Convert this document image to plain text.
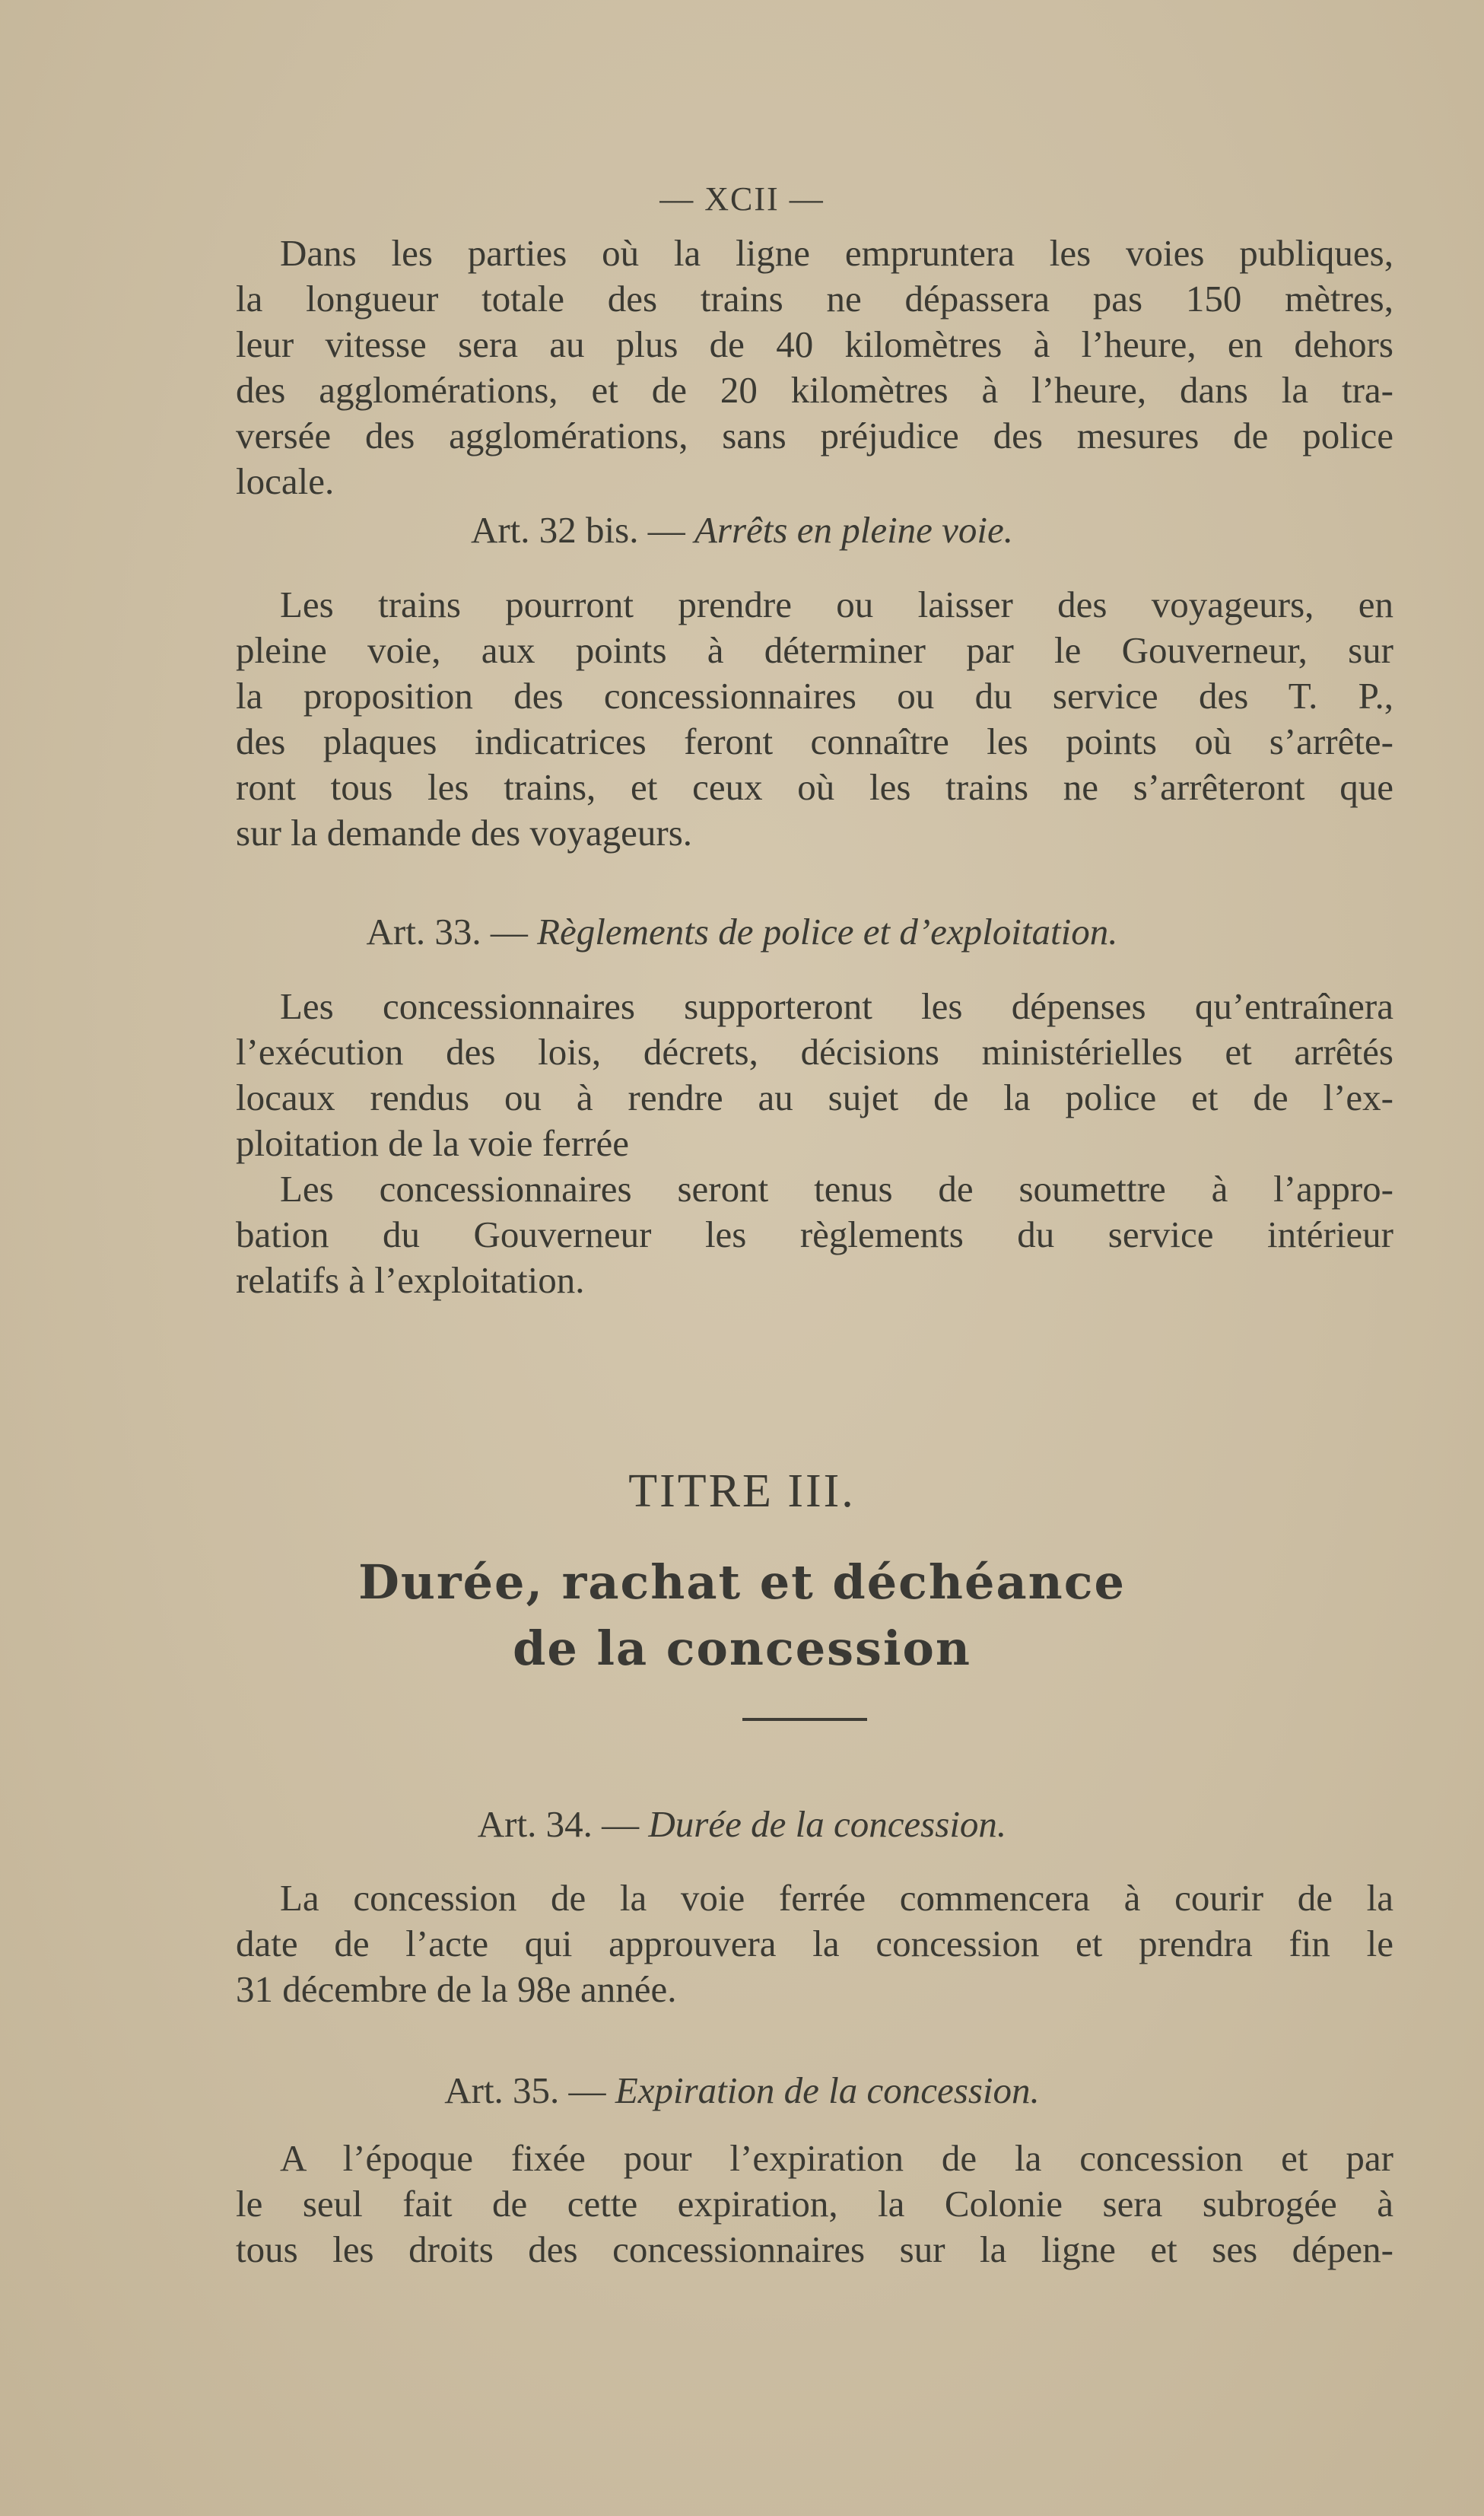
— XCII —
Dans les parties où la ligne empruntera les voies publiques,
la longueur totale des trains ne dépassera pas 150 mètres,
leur vitesse sera au plus de 40 kilomètres à l’heure, en dehors
des agglomérations, et de 20 kilomètres à l’heure, dans la tra-
versée des agglomérations, sans préjudice des mesures de police
locale.
Art. 32 bis. — Arrêts en pleine voie.
Les trains pourront prendre ou laisser des voyageurs, en
pleine voie, aux points à déterminer par le Gouverneur, sur
la proposition des concessionnaires ou du service des T. P.,
des plaques indicatrices feront connaître les points où s’arrête-
ront tous les trains, et ceux où les trains ne s’arrêteront que
sur la demande des voyageurs.
Art. 33. — Règlements de police et d’exploitation.
Les concessionnaires supporteront les dépenses qu’entraînera
l’exécution des lois, décrets, décisions ministérielles et arrêtés
locaux rendus ou à rendre au sujet de la police et de l’ex-
ploitation de la voie ferrée
Les concessionnaires seront tenus de soumettre à l’appro-
bation du Gouverneur les règlements du service intérieur
relatifs à l’exploitation.
TITRE III.
Durée, rachat et déchéance
de la concession
Art. 34. — Durée de la concession.
La concession de la voie ferrée commencera à courir de la
date de l’acte qui approuvera la concession et prendra fin le
31 décembre de la 98e année.
Art. 35. — Expiration de la concession.
A l’époque fixée pour l’expiration de la concession et par
le seul fait de cette expiration, la Colonie sera subrogée à
tous les droits des concessionnaires sur la ligne et ses dépen-
